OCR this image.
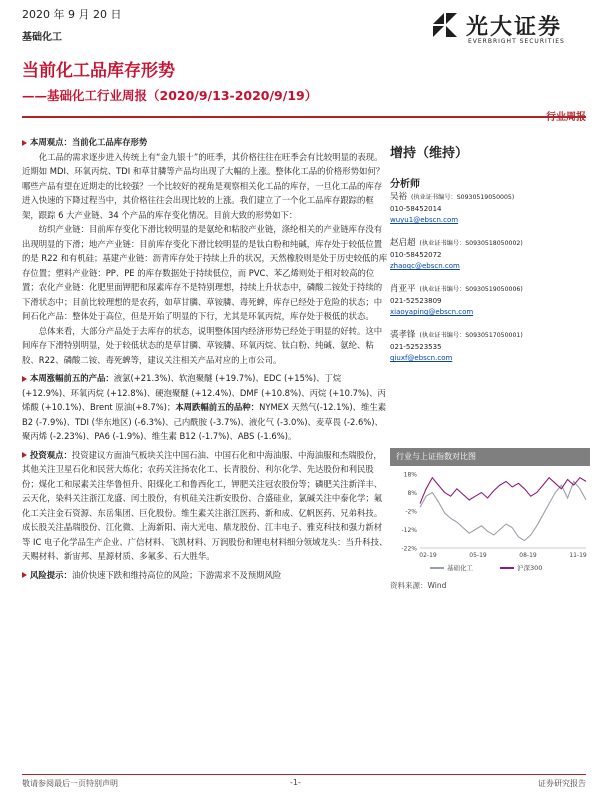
2020 年 9 月 20 日
基础化工	光大证券
EVERBRIGHT SECURITIES
当前化工品库存形势
——基础化工行业周报（2020/9/13-2020/9/19）

本周观点：当前化工品库存形势

化工品的需求逐步进入传统上有“金九银十”的旺季，其价格往往在旺季会有比较明显的表现。近期如 MDI、环氧丙烷、TDI 和草甘膦等产品均出现了大幅的上涨。整体化工品的价格形势如何？哪些产品有望在近期走的比较强？一个比较好的视角是观察相关化工品的库存，一旦化工品的库存进入快速的下降过程当中，其价格往往会出现比较的上涨。我们建立了一个化工品库存跟踪的框架，跟踪 6 大产业链、34 个产品的库存变化情况。目前大致的形势如下：

纺织产业链：目前库存变化下滑比较明显的是氨纶和粘胶产业链，涤纶相关的产业链库存没有出现明显的下滑；地产产业链：目前库存变化下滑比较明显的是钛白粉和纯碱，库存处于较低位置的是 R22 和有机硅；基建产业链：沥青库存处于持续上升的状况，天然橡胶则是处于历史较低的库存位置；塑料产业链：PP、PE 的库存数据处于持续低位，而 PVC、苯乙烯则处于相对较高的位置；农化产业链：化肥里面钾肥和尿素库存不是特别理想，持续上升状态中，磷酸二铵处于持续的下滑状态中；目前比较理想的是农药，如草甘膦、草铵膦、毒死蜱，库存已经处于危险的状态；中间石化产品：整体处于高位，但是开始了明显的下行，尤其是环氧丙烷，库存处于极低的状态。

总体来看，大部分产品处于去库存的状态，说明整体国内经济形势已经处于明显的好转。这中间库存下滑特别明显，处于较低状态的是草甘膦、草铵膦、环氧丙烷、钛白粉、纯碱、氨纶、粘胶、R22、磷酸二铵、毒死蜱等，建议关注相关产品对应的上市公司。

本周涨幅前五的产品：液氯(+21.3%)、软泡聚醚 (+19.7%)、EDC (+15%)、丁烷 (+12.9%)、环氧丙烷 (+12.8%)、硬泡聚醚 (+12.4%)、DMF (+10.8%)、丙烷 (+10.7%)、丙烯酸 (+10.1%)、Brent 原油(+8.7%)；本周跌幅前五的品种：NYMEX 天然气(-12.1%)、维生素 B2 (-7.9%)、TDI (华东地区) (-6.3%)、己内酰胺 (-3.7%)、液化气 (-3.0%)、麦草畏 (-2.6%)、聚丙烯 (-2.23%)、PA6 (-1.9%)、维生素 B12 (-1.7%)、ABS (-1.6%)。

投资观点：投资建议方面油气板块关注中国石油、中国石化和中海油服、中海油服和杰瑞股份，其他关注卫星石化和民营大炼化；农药关注扬农化工、长青股份、利尔化学、先达股份和利民股份；煤化工和尿素关注华鲁恒升、阳煤化工和鲁西化工，钾肥关注冠农股份等；磷肥关注新洋丰、云天化，染料关注浙江龙盛、闰土股份，有机硅关注新安股份、合盛硅业，氯碱关注中泰化学；氟化工关注金石资源、东岳集团、巨化股份。维生素关注浙江医药、新和成、亿帆医药、兄弟科技。成长股关注晶瑞股份、江化微、上海新阳、南大光电、鼎龙股份、江丰电子、雅克科技和强力新材等 IC 电子化学品生产企业、广信材料、飞凯材料、万润股份和锂电材料细分领域龙头：当升科技、天赐材料、新宙邦、星源材质、多氟多、石大胜华。

风险提示：油价快速下跌和维持高位的风险；下游需求不及预期风险

增持（维持）
分析师
吴裕 (执业证书编号：S0930519050005)
010-58452014
wuyu1@ebscn.com
赵启超 (执业证书编号：S0930518050002)
010-58452072
zhaoqc@ebscn.com
肖亚平 (执业证书编号：S0930519050006)
021-52523809
xiaoyaping@ebscn.com
裘孝锋 (执业证书编号：S0930517050001)
021-52523535
qiuxf@ebscn.com
行业与上证指数对比图
18%
8%
-2%
-12%
-22%
02-19	05-19	08-19	11-19
基础化工	沪深300
资料来源：Wind
敬请参阅最后一页特别声明	-1-	证券研究报告
